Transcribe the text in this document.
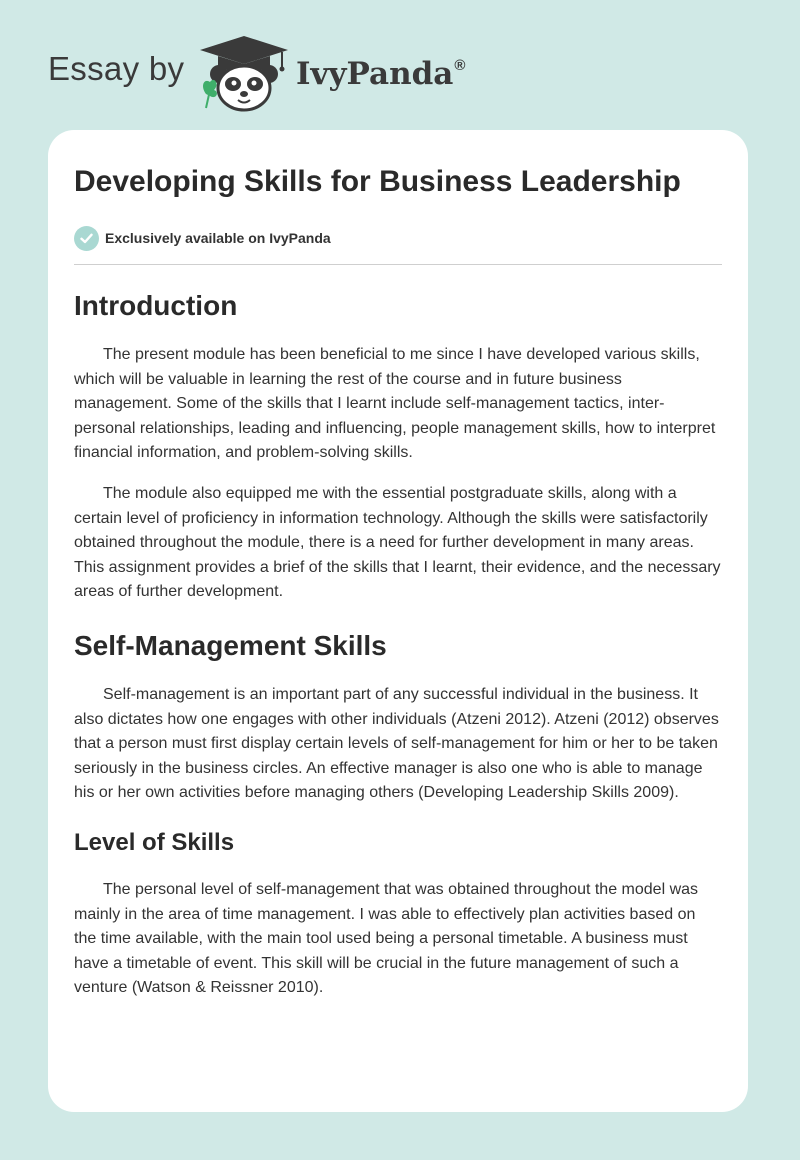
Essay by	IvyPanda®
Developing Skills for Business Leadership
Exclusively available on IvyPanda
Introduction

The present module has been beneficial to me since I have developed various skills, which will be valuable in learning the rest of the course and in future business management. Some of the skills that I learnt include self-management tactics, inter-personal relationships, leading and influencing, people management skills, how to interpret financial information, and problem-solving skills.

The module also equipped me with the essential postgraduate skills, along with a certain level of proficiency in information technology. Although the skills were satisfactorily obtained throughout the module, there is a need for further development in many areas. This assignment provides a brief of the skills that I learnt, their evidence, and the necessary areas of further development.

Self-Management Skills

Self-management is an important part of any successful individual in the business. It also dictates how one engages with other individuals (Atzeni 2012). Atzeni (2012) observes that a person must first display certain levels of self-management for him or her to be taken seriously in the business circles. An effective manager is also one who is able to manage his or her own activities before managing others (Developing Leadership Skills 2009).

Level of Skills

The personal level of self-management that was obtained throughout the model was mainly in the area of time management. I was able to effectively plan activities based on the time available, with the main tool used being a personal timetable. A business must have a timetable of event. This skill will be crucial in the future management of such a venture (Watson & Reissner 2010).
